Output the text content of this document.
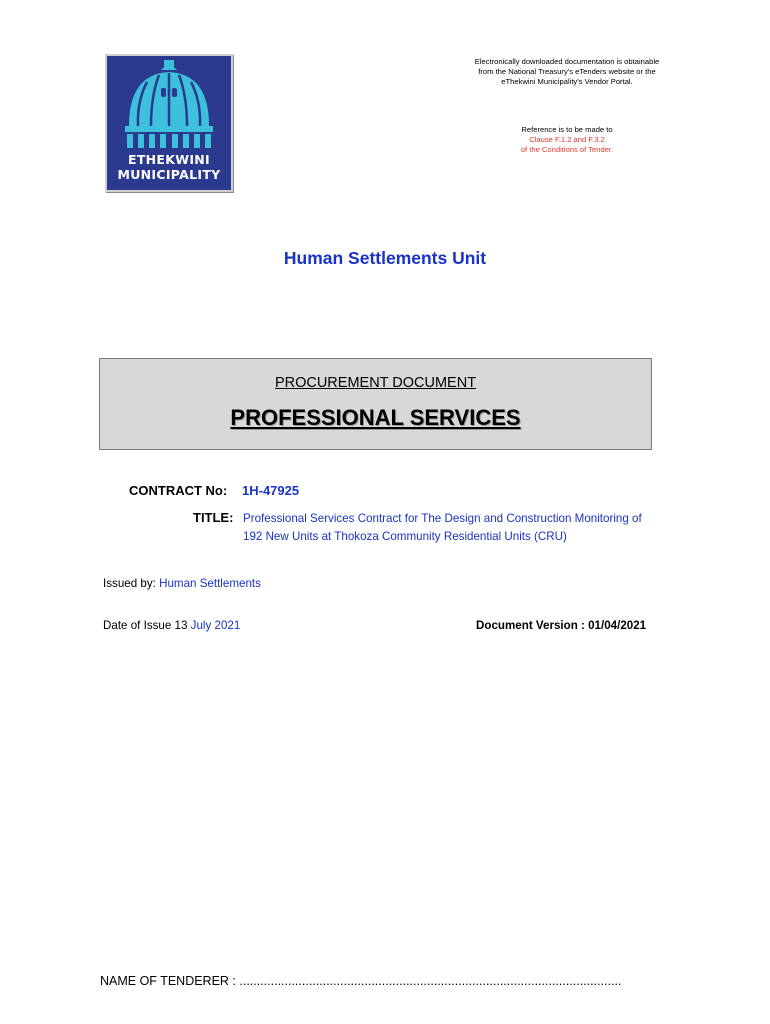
ETHEKWINI
MUNICIPALITY
Electronically downloaded documentation is obtainable from the National Treasury's eTenders website or the eThekwini Municipality's Vendor Portal.
Reference is to be made to
Clause F.1.2 and F.3.2
of the Conditions of Tender.
Human Settlements Unit
PROCUREMENT DOCUMENT
PROFESSIONAL SERVICES
CONTRACT No: 1H-47925
TITLE: Professional Services Contract for The Design and Construction Monitoring of
192 New Units at Thokoza Community Residential Units (CRU)
Issued by: Human Settlements
Date of Issue 13 July 2021	Document Version : 01/04/2021
NAME OF TENDERER : ..............................................................................................................
